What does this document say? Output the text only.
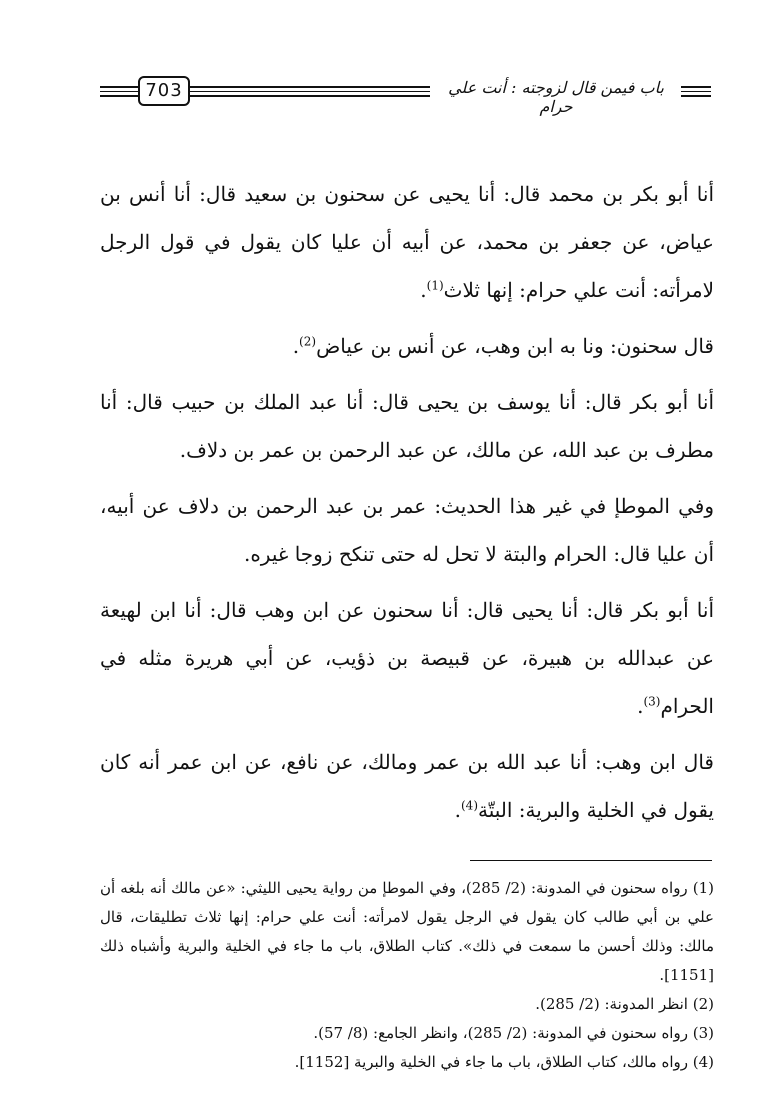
703	باب فيمن قال لزوجته : أنت علي حرام

أنا أبو بكر بن محمد قال: أنا يحيى عن سحنون بن سعيد قال: أنا أنس بن عياض، عن جعفر بن محمد، عن أبيه أن عليا كان يقول في قول الرجل لامرأته: أنت علي حرام: إنها ثلاث$^{(1)}$.

قال سحنون: ونا به ابن وهب، عن أنس بن عياض$^{(2)}$.

أنا أبو بكر قال: أنا يوسف بن يحيى قال: أنا عبد الملك بن حبيب قال: أنا مطرف بن عبد الله، عن مالك، عن عبد الرحمن بن عمر بن دلاف.

وفي الموطإ في غير هذا الحديث: عمر بن عبد الرحمن بن دلاف عن أبيه، أن عليا قال: الحرام والبتة لا تحل له حتى تنكح زوجا غيره.

أنا أبو بكر قال: أنا يحيى قال: أنا سحنون عن ابن وهب قال: أنا ابن لهيعة عن عبدالله بن هبيرة، عن قبيصة بن ذؤيب، عن أبي هريرة مثله في الحرام$^{(3)}$.

قال ابن وهب: أنا عبد الله بن عمر ومالك، عن نافع، عن ابن عمر أنه كان يقول في الخلية والبرية: البتّة$^{(4)}$.

(1) رواه سحنون في المدونة: (2/ 285)، وفي الموطإ من رواية يحيى الليثي: «عن مالك أنه بلغه أن علي بن أبي طالب كان يقول في الرجل يقول لامرأته: أنت علي حرام: إنها ثلاث تطليقات، قال مالك: وذلك أحسن ما سمعت في ذلك». كتاب الطلاق، باب ما جاء في الخلية والبرية وأشباه ذلك [1151].

(2) انظر المدونة: (2/ 285).

(3) رواه سحنون في المدونة: (2/ 285)، وانظر الجامع: (8/ 57).

(4) رواه مالك، كتاب الطلاق، باب ما جاء في الخلية والبرية [1152].
